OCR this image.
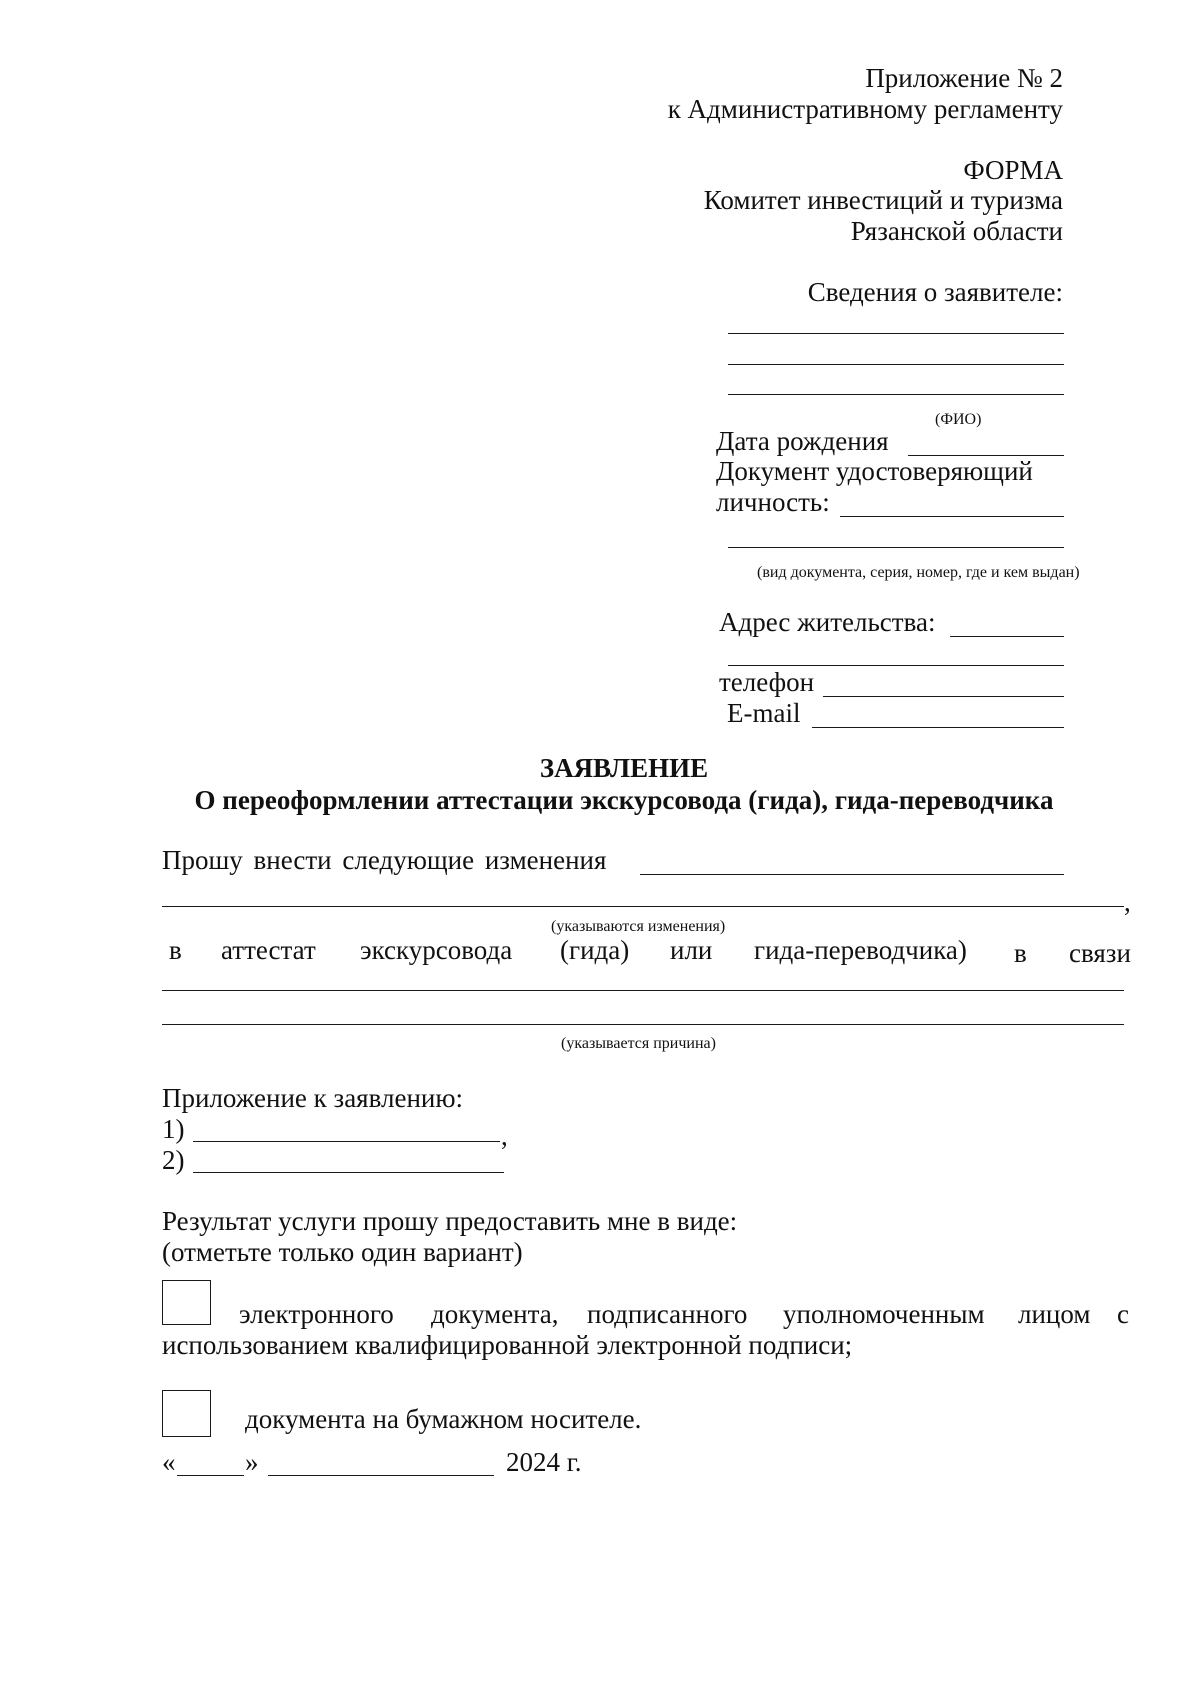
Приложение № 2
к Административному регламенту
ФОРМА
Комитет инвестиций и туризма
Рязанской области
Сведения о заявителе:
(ФИО)
Дата рождения
Документ удостоверяющий
личность:
(вид документа, серия, номер, где и кем выдан)
Адрес жительства:
телефон
E-mail
ЗАЯВЛЕНИЕ
О переоформлении аттестации экскурсовода (гида), гида-переводчика
Прошу внести следующие изменения
,
(указываются изменения)
в аттестат экскурсовода (гида) или гида-переводчика) в связи
(указывается причина)
Приложение к заявлению:
1)	,
2)
Результат услуги прошу предоставить мне в виде:
(отметьте только один вариант)
электронного документа, подписанного уполномоченным лицом с
использованием квалифицированной электронной подписи;
документа на бумажном носителе.
«	»	2024 г.
